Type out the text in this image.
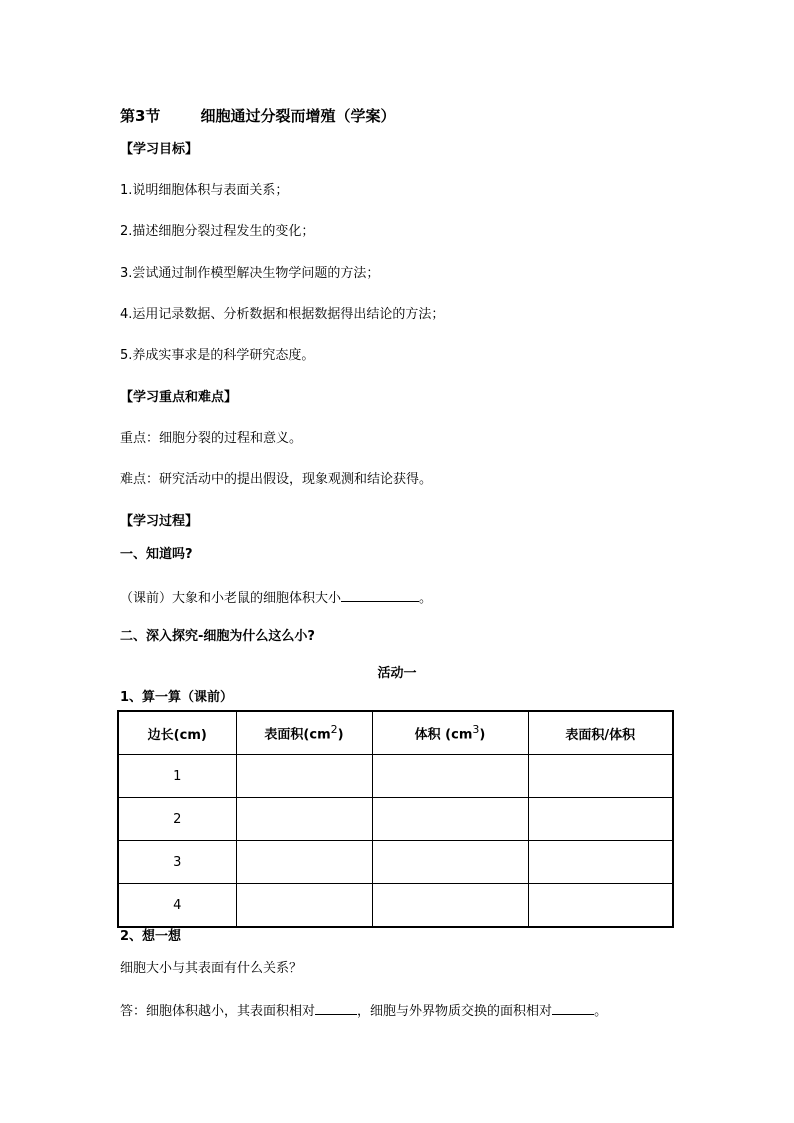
第3节	细胞通过分裂而增殖（学案）
【学习目标】
1.说明细胞体积与表面关系；
2.描述细胞分裂过程发生的变化；
3.尝试通过制作模型解决生物学问题的方法；
4.运用记录数据、分析数据和根据数据得出结论的方法；
5.养成实事求是的科学研究态度。
【学习重点和难点】
重点：细胞分裂的过程和意义。
难点：研究活动中的提出假设，现象观测和结论获得。
【学习过程】
一、知道吗?
（课前）大象和小老鼠的细胞体积大小	。
二、深入探究-细胞为什么这么小?
活动一
1、算一算（课前）
边长(cm)	表面积$(cm^2)$	体积 $(cm^3)$	表面积/体积
1			
2			
3			
4			
2、想一想
细胞大小与其表面有什么关系？
答：细胞体积越小，其表面积相对	，细胞与外界物质交换的面积相对	。
